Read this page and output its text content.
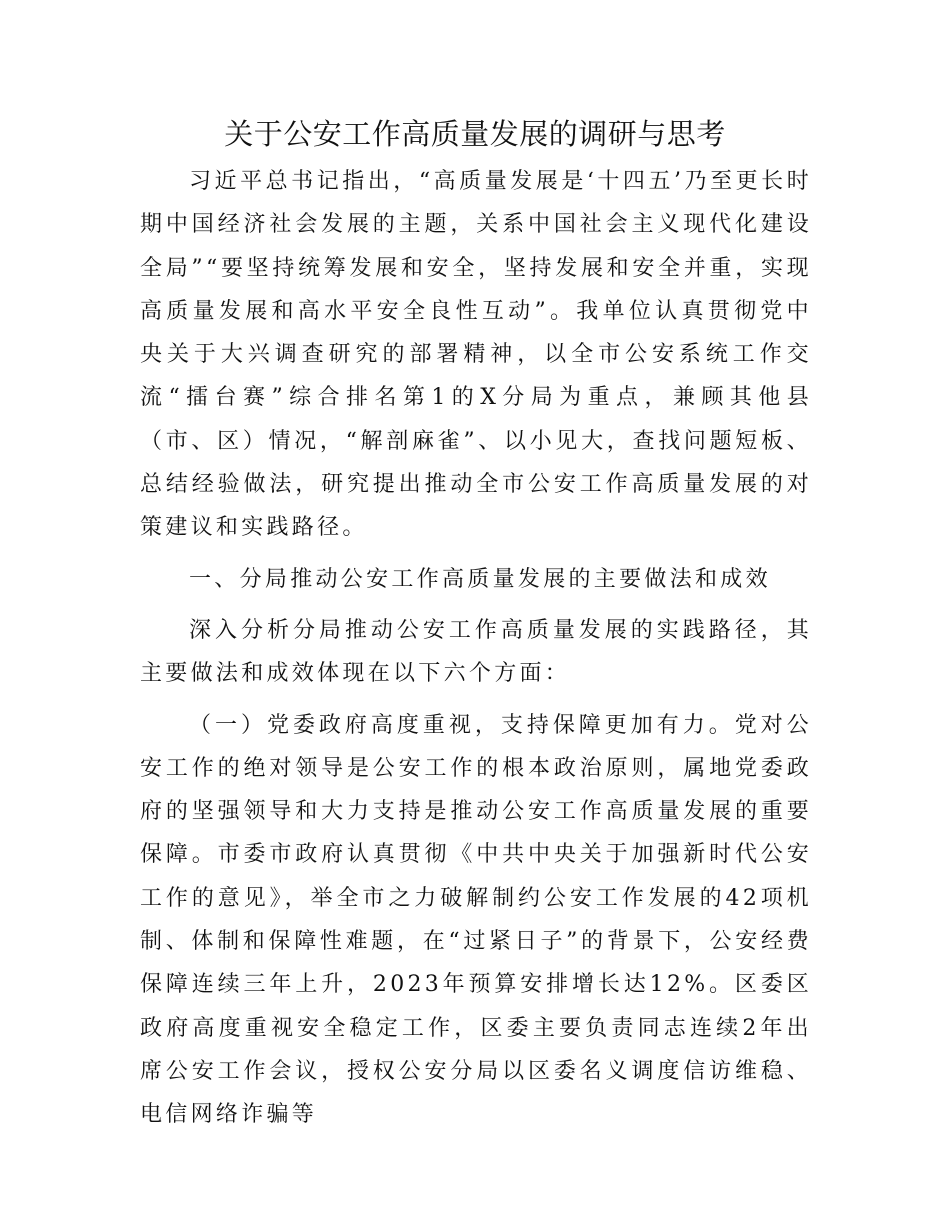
关于公安工作高质量发展的调研与思考

习近平总书记指出，“高质量发展是‘十四五’乃至更长时期中国经济社会发展的主题，关系中国社会主义现代化建设全局”“要坚持统筹发展和安全，坚持发展和安全并重，实现高质量发展和高水平安全良性互动”。我单位认真贯彻党中央关于大兴调查研究的部署精神，以全市公安系统工作交流“擂台赛”综合排名第1的X分局为重点，兼顾其他县（市、区）情况，“解剖麻雀”、以小见大，查找问题短板、总结经验做法，研究提出推动全市公安工作高质量发展的对策建议和实践路径。

一、分局推动公安工作高质量发展的主要做法和成效

深入分析分局推动公安工作高质量发展的实践路径，其主要做法和成效体现在以下六个方面：

（一）党委政府高度重视，支持保障更加有力。党对公安工作的绝对领导是公安工作的根本政治原则，属地党委政府的坚强领导和大力支持是推动公安工作高质量发展的重要保障。市委市政府认真贯彻《中共中央关于加强新时代公安工作的意见》，举全市之力破解制约公安工作发展的42项机制、体制和保障性难题，在“过紧日子”的背景下，公安经费保障连续三年上升，2023年预算安排增长达12%。区委区政府高度重视安全稳定工作，区委主要负责同志连续2年出席公安工作会议，授权公安分局以区委名义调度信访维稳、电信网络诈骗等
